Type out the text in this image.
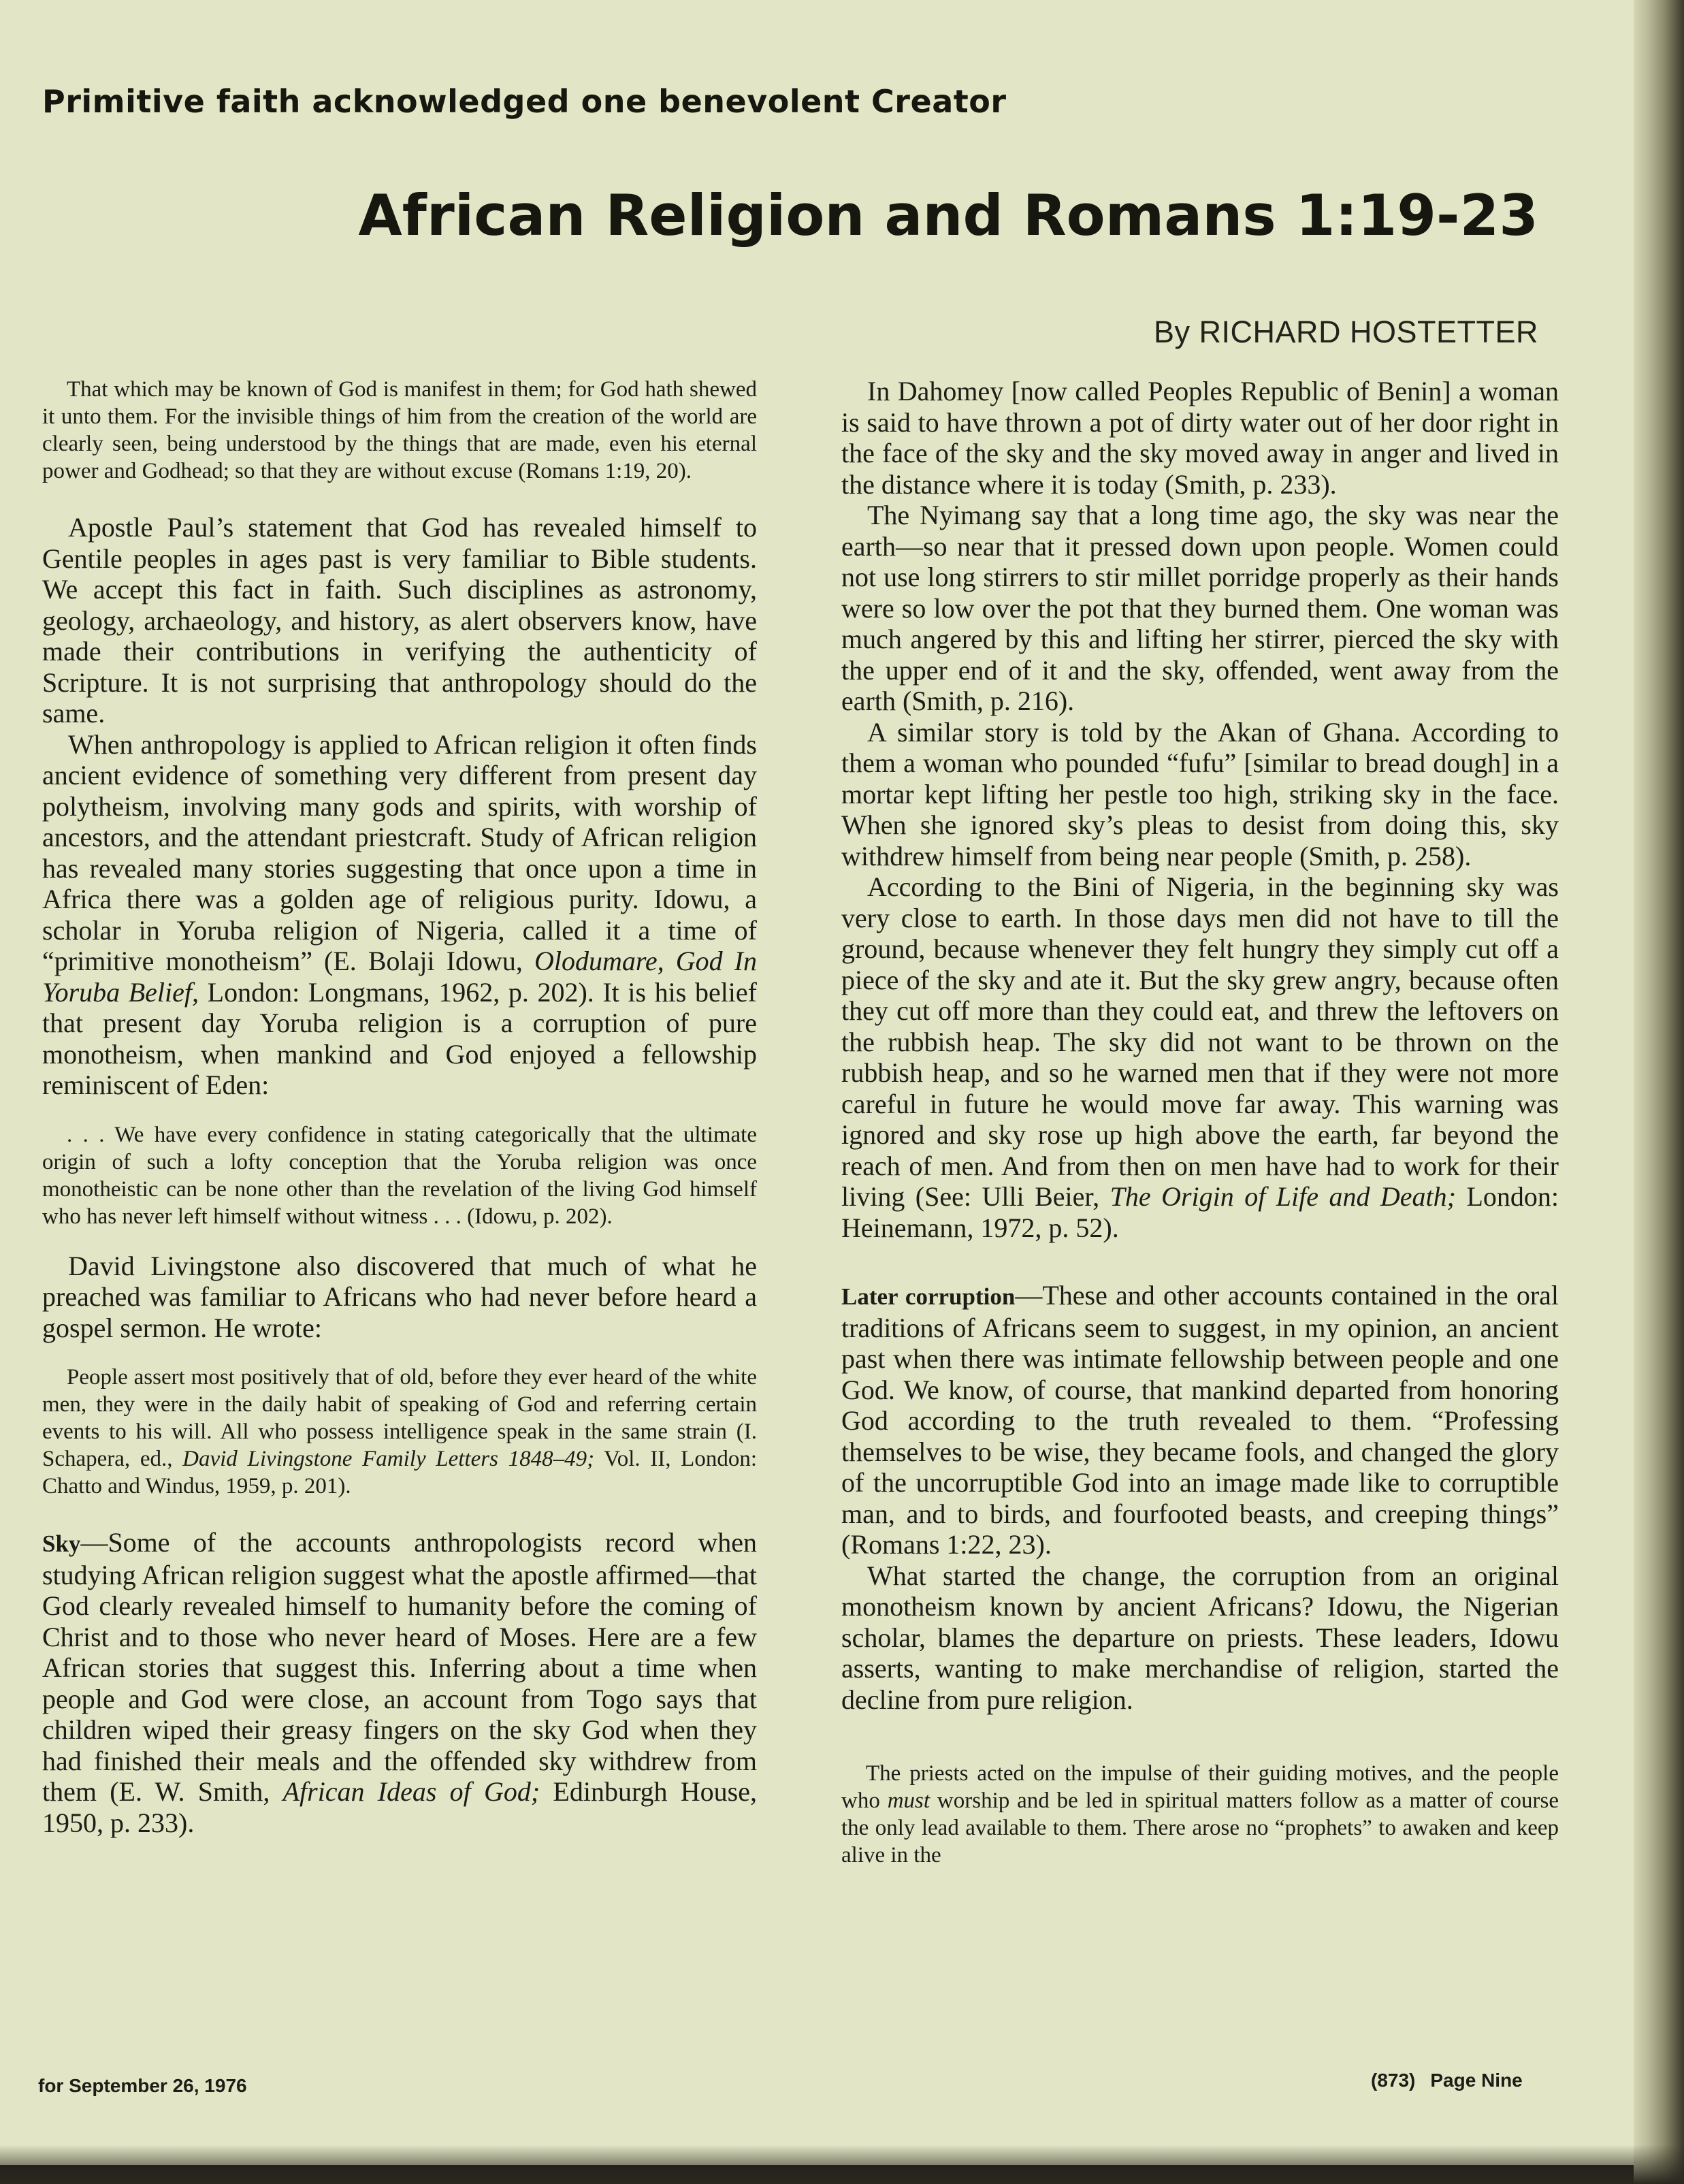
Primitive faith acknowledged one benevolent Creator
African Religion and Romans 1:19-23
By RICHARD HOSTETTER

That which may be known of God is manifest in them; for God hath shewed it unto them. For the invisible things of him from the creation of the world are clearly seen, being understood by the things that are made, even his eternal power and Godhead; so that they are without excuse (Romans 1:19, 20).

Apostle Paul’s statement that God has revealed himself to Gentile peoples in ages past is very familiar to Bible students. We accept this fact in faith. Such disciplines as astronomy, geology, archaeology, and history, as alert observers know, have made their contributions in verifying the authenticity of Scripture. It is not surprising that anthropology should do the same.

When anthropology is applied to African religion it often finds ancient evidence of something very different from present day polytheism, involving many gods and spirits, with worship of ancestors, and the attendant priestcraft. Study of African religion has revealed many stories suggesting that once upon a time in Africa there was a golden age of religious purity. Idowu, a scholar in Yoruba religion of Nigeria, called it a time of “primitive monotheism” (E. Bolaji Idowu, Olodumare, God In Yoruba Belief, London: Longmans, 1962, p. 202). It is his belief that present day Yoruba religion is a corruption of pure monotheism, when mankind and God enjoyed a fellowship reminiscent of Eden:

. . . We have every confidence in stating categorically that the ultimate origin of such a lofty conception that the Yoruba religion was once monotheistic can be none other than the revelation of the living God himself who has never left himself without witness . . . (Idowu, p. 202).

David Livingstone also discovered that much of what he preached was familiar to Africans who had never before heard a gospel sermon. He wrote:

People assert most positively that of old, before they ever heard of the white men, they were in the daily habit of speaking of God and referring certain events to his will. All who possess intelligence speak in the same strain (I. Schapera, ed., David Livingstone Family Letters 1848–49; Vol. II, London: Chatto and Windus, 1959, p. 201).

Sky—Some of the accounts anthropologists record when studying African religion suggest what the apostle affirmed—that God clearly revealed himself to humanity before the coming of Christ and to those who never heard of Moses. Here are a few African stories that suggest this. Inferring about a time when people and God were close, an account from Togo says that children wiped their greasy fingers on the sky God when they had finished their meals and the offended sky withdrew from them (E. W. Smith, African Ideas of God; Edinburgh House, 1950, p. 233).

In Dahomey [now called Peoples Republic of Benin] a woman is said to have thrown a pot of dirty water out of her door right in the face of the sky and the sky moved away in anger and lived in the distance where it is today (Smith, p. 233).

The Nyimang say that a long time ago, the sky was near the earth—so near that it pressed down upon people. Women could not use long stirrers to stir millet porridge properly as their hands were so low over the pot that they burned them. One woman was much angered by this and lifting her stirrer, pierced the sky with the upper end of it and the sky, offended, went away from the earth (Smith, p. 216).

A similar story is told by the Akan of Ghana. According to them a woman who pounded “fufu” [similar to bread dough] in a mortar kept lifting her pestle too high, striking sky in the face. When she ignored sky’s pleas to desist from doing this, sky withdrew himself from being near people (Smith, p. 258).

According to the Bini of Nigeria, in the beginning sky was very close to earth. In those days men did not have to till the ground, because whenever they felt hungry they simply cut off a piece of the sky and ate it. But the sky grew angry, because often they cut off more than they could eat, and threw the leftovers on the rubbish heap. The sky did not want to be thrown on the rubbish heap, and so he warned men that if they were not more careful in future he would move far away. This warning was ignored and sky rose up high above the earth, far beyond the reach of men. And from then on men have had to work for their living (See: Ulli Beier, The Origin of Life and Death; London: Heinemann, 1972, p. 52).

Later corruption—These and other accounts contained in the oral traditions of Africans seem to suggest, in my opinion, an ancient past when there was intimate fellowship between people and one God. We know, of course, that mankind departed from honoring God according to the truth revealed to them. “Professing themselves to be wise, they became fools, and changed the glory of the uncorruptible God into an image made like to corruptible man, and to birds, and fourfooted beasts, and creeping things” (Romans 1:22, 23).

What started the change, the corruption from an original monotheism known by ancient Africans? Idowu, the Nigerian scholar, blames the departure on priests. These leaders, Idowu asserts, wanting to make merchandise of religion, started the decline from pure religion.

The priests acted on the impulse of their guiding motives, and the people who must worship and be led in spiritual matters follow as a matter of course the only lead available to them. There arose no “prophets” to awaken and keep alive in the

for September 26, 1976	(873) Page Nine
